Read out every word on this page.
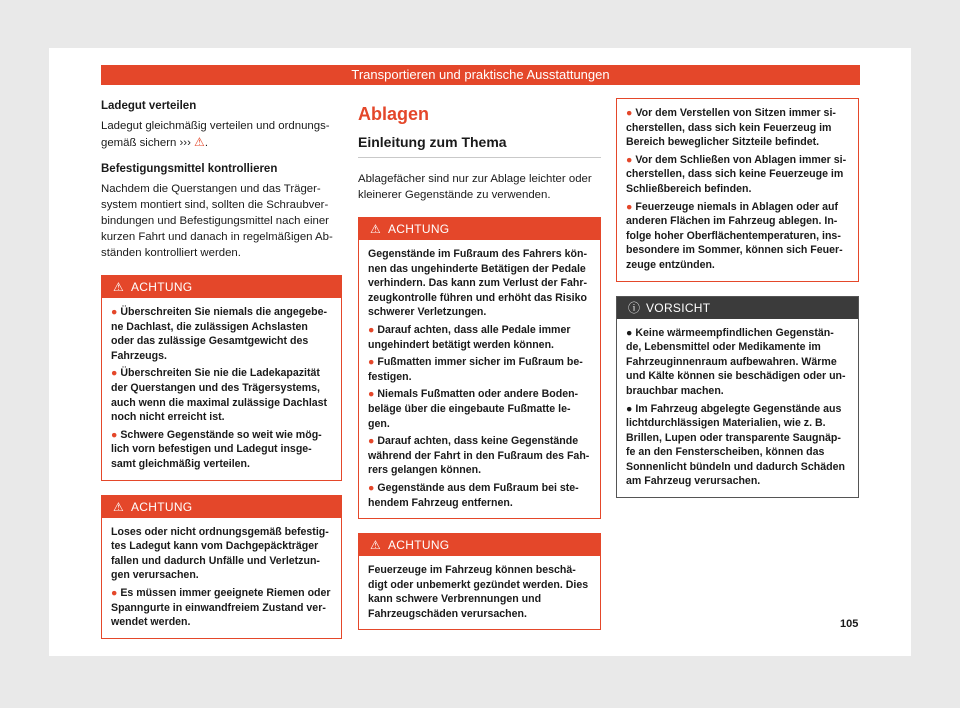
Transportieren und praktische Ausstattungen

Ladegut verteilen

Ladegut gleichmäßig verteilen und ordnungs-gemäß sichern ››› ⚠.

Befestigungsmittel kontrollieren

Nachdem die Querstangen und das Träger-system montiert sind, sollten die Schraubver-bindungen und Befestigungsmittel nach einer kurzen Fahrt und danach in regelmäßigen Ab-ständen kontrolliert werden.

⚠ ACHTUNG

● Überschreiten Sie niemals die angegebe-ne Dachlast, die zulässigen Achslasten oder das zulässige Gesamtgewicht des Fahrzeugs.

● Überschreiten Sie nie die Ladekapazität der Querstangen und des Trägersystems, auch wenn die maximal zulässige Dachlast noch nicht erreicht ist.

● Schwere Gegenstände so weit wie mög-lich vorn befestigen und Ladegut insge-samt gleichmäßig verteilen.

⚠ ACHTUNG

Loses oder nicht ordnungsgemäß befestig-tes Ladegut kann vom Dachgepäckträger fallen und dadurch Unfälle und Verletzun-gen verursachen.

● Es müssen immer geeignete Riemen oder Spanngurte in einwandfreiem Zustand ver-wendet werden.

Ablagen

Einleitung zum Thema

Ablagefächer sind nur zur Ablage leichter oder kleinerer Gegenstände zu verwenden.

⚠ ACHTUNG

Gegenstände im Fußraum des Fahrers kön-nen das ungehinderte Betätigen der Pedale verhindern. Das kann zum Verlust der Fahr-zeugkontrolle führen und erhöht das Risiko schwerer Verletzungen.

● Darauf achten, dass alle Pedale immer ungehindert betätigt werden können.

● Fußmatten immer sicher im Fußraum be-festigen.

● Niemals Fußmatten oder andere Boden-beläge über die eingebaute Fußmatte le-gen.

● Darauf achten, dass keine Gegenstände während der Fahrt in den Fußraum des Fah-rers gelangen können.

● Gegenstände aus dem Fußraum bei ste-hendem Fahrzeug entfernen.

⚠ ACHTUNG

Feuerzeuge im Fahrzeug können beschä-digt oder unbemerkt gezündet werden. Dies kann schwere Verbrennungen und Fahrzeugschäden verursachen.

● Vor dem Verstellen von Sitzen immer si-cherstellen, dass sich kein Feuerzeug im Bereich beweglicher Sitzteile befindet.

● Vor dem Schließen von Ablagen immer si-cherstellen, dass sich keine Feuerzeuge im Schließbereich befinden.

● Feuerzeuge niemals in Ablagen oder auf anderen Flächen im Fahrzeug ablegen. In-folge hoher Oberflächentemperaturen, ins-besondere im Sommer, können sich Feuer-zeuge entzünden.

ⓘ VORSICHT

● Keine wärmeempfindlichen Gegenstän-de, Lebensmittel oder Medikamente im Fahrzeuginnenraum aufbewahren. Wärme und Kälte können sie beschädigen oder un-brauchbar machen.

● Im Fahrzeug abgelegte Gegenstände aus lichtdurchlässigen Materialien, wie z. B. Brillen, Lupen oder transparente Saugnäp-fe an den Fensterscheiben, können das Sonnenlicht bündeln und dadurch Schäden am Fahrzeug verursachen.

105
